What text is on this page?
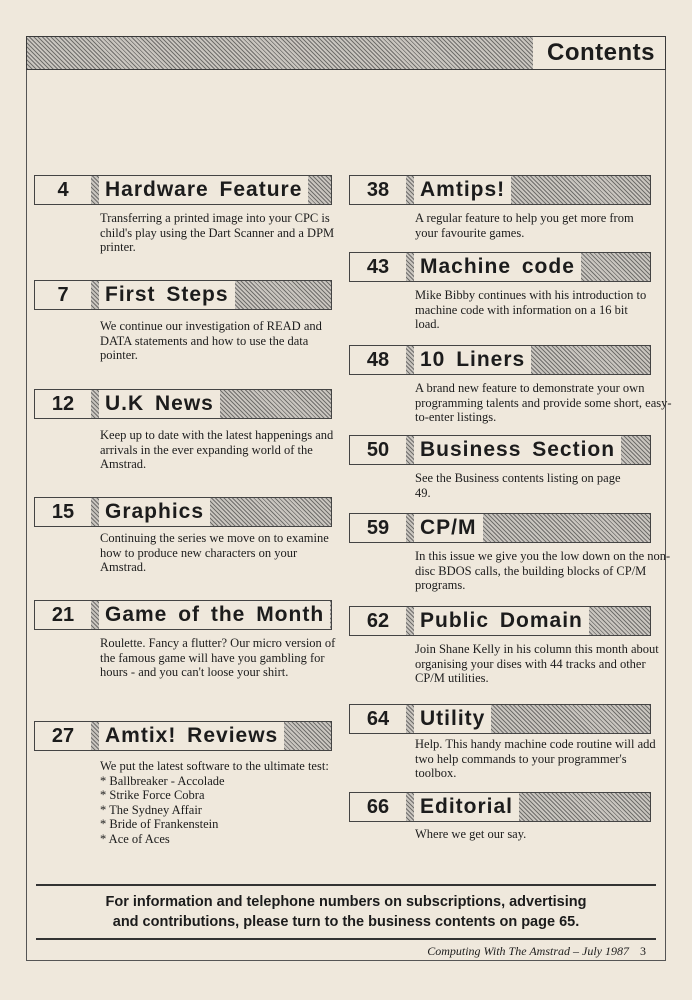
Contents
4	Hardware Feature
Transferring a printed image into your CPC is child's play using the Dart Scanner and a DPM printer.
7	First Steps
We continue our investigation of READ and DATA statements and how to use the data pointer.
12	U.K News
Keep up to date with the latest happenings and arrivals in the ever expanding world of the Amstrad.
15	Graphics
Continuing the series we move on to examine how to produce new characters on your Amstrad.
21	Game of the Month
Roulette. Fancy a flutter? Our micro version of the famous game will have you gambling for hours - and you can't loose your shirt.
27	Amtix! Reviews
We put the latest software to the ultimate test:
* Ballbreaker - Accolade
* Strike Force Cobra
* The Sydney Affair
* Bride of Frankenstein
* Ace of Aces
38	Amtips!
A regular feature to help you get more from your favourite games.
43	Machine code
Mike Bibby continues with his introduction to machine code with information on a 16 bit load.
48	10 Liners
A brand new feature to demonstrate your own programming talents and provide some short, easy-to-enter listings.
50	Business Section
See the Business contents listing on page 49.
59	CP/M
In this issue we give you the low down on the non-disc BDOS calls, the building blocks of CP/M programs.
62	Public Domain
Join Shane Kelly in his column this month about organising your dises with 44 tracks and other CP/M utilities.
64	Utility
Help. This handy machine code routine will add two help commands to your programmer's toolbox.
66	Editorial
Where we get our say.
For information and telephone numbers on subscriptions, advertising
and contributions, please turn to the business contents on page 65.
Computing With The Amstrad – July 1987 3
